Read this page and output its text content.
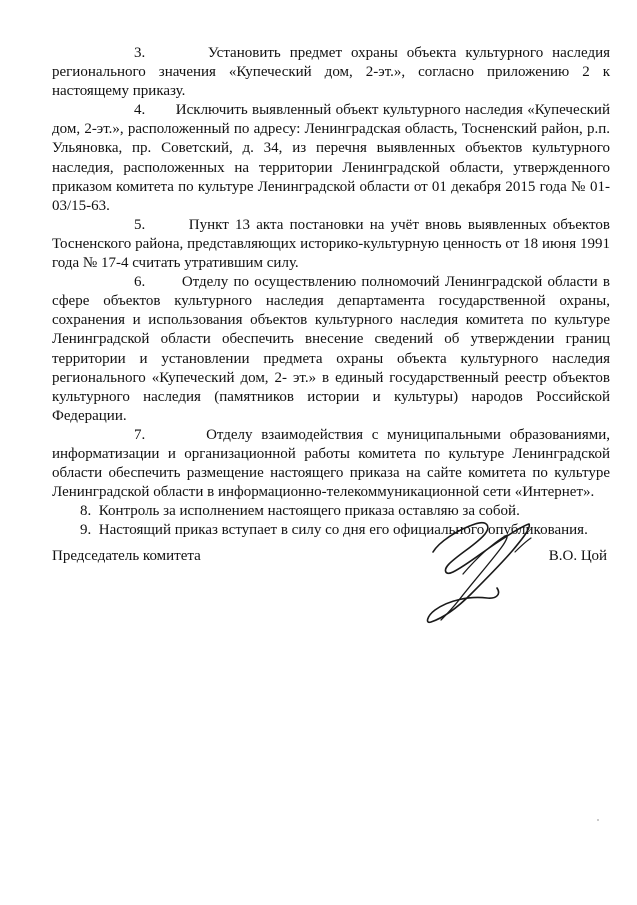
3.	Установить предмет охраны объекта культурного наследия регионального значения «Купеческий дом, 2-эт.», согласно приложению 2 к настоящему приказу.

4. Исключить выявленный объект культурного наследия «Купеческий дом, 2-эт.», расположенный по адресу: Ленинградская область, Тосненский район, р.п. Ульяновка, пр. Советский, д. 34, из перечня выявленных объектов культурного наследия, расположенных на территории Ленинградской области, утвержденного приказом комитета по культуре Ленинградской области от 01 декабря 2015 года № 01-03/15-63.

5.	Пункт 13 акта постановки на учёт вновь выявленных объектов Тосненского района, представляющих историко-культурную ценность от 18 июня 1991 года № 17-4 считать утратившим силу.

6. Отделу по осуществлению полномочий Ленинградской области в сфере объектов культурного наследия департамента государственной охраны, сохранения и использования объектов культурного наследия комитета по культуре Ленинградской области обеспечить внесение сведений об утверждении границ территории и установлении предмета охраны объекта культурного наследия регионального «Купеческий дом, 2- эт.» в единый государственный реестр объектов культурного наследия (памятников истории и культуры) народов Российской Федерации.

7.	Отделу взаимодействия с муниципальными образованиями, информатизации и организационной работы комитета по культуре Ленинградской области обеспечить размещение настоящего приказа на сайте комитета по культуре Ленинградской области в информационно-телекоммуникационной сети «Интернет».

8. Контроль за исполнением настоящего приказа оставляю за собой.

9. Настоящий приказ вступает в силу со дня его официального опубликования.

Председатель комитета	В.О. Цой
